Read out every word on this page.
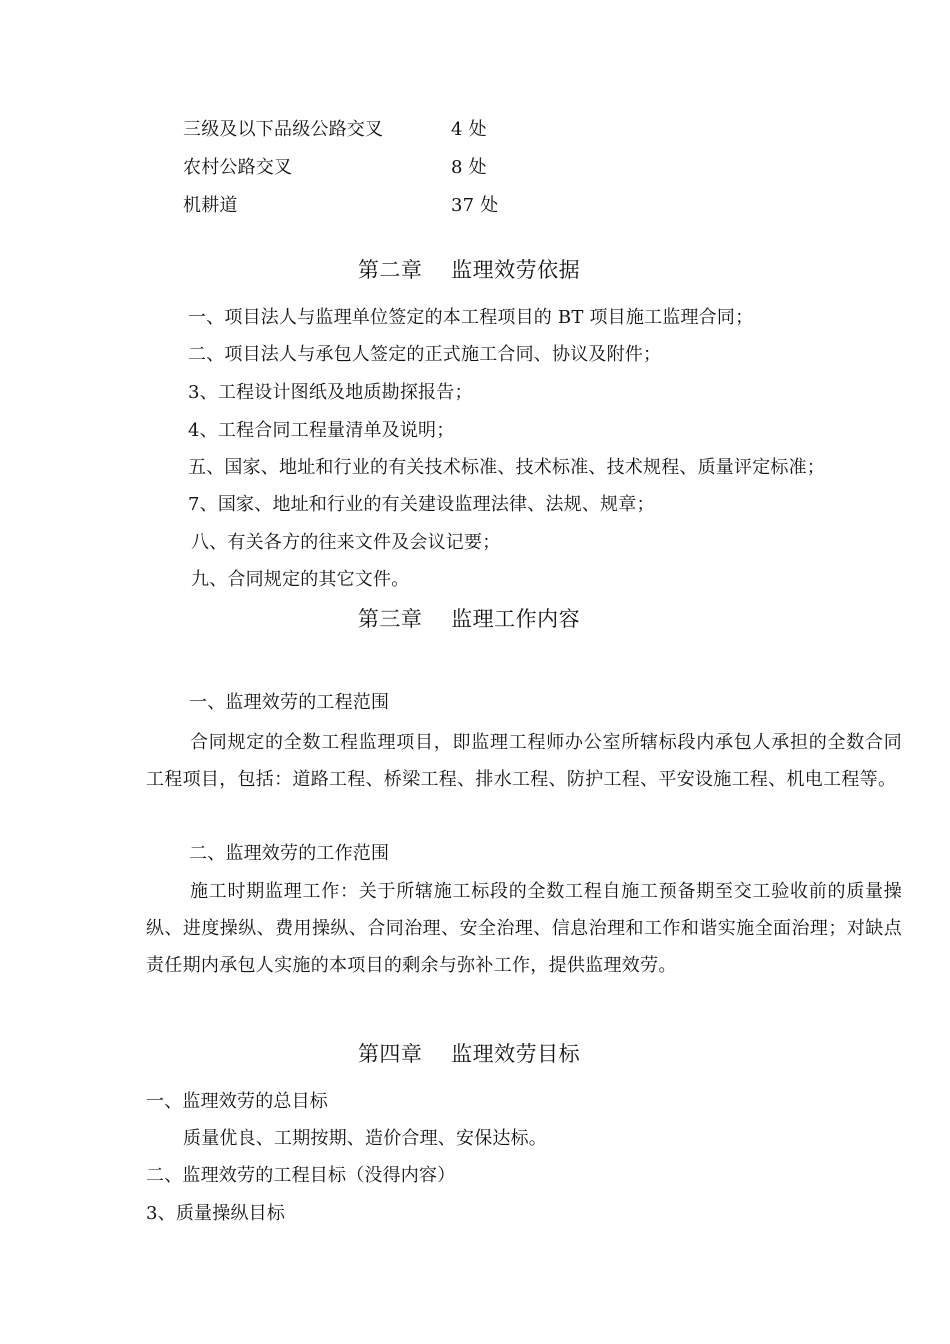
三级及以下品级公路交叉	4 处
农村公路交叉	8 处
机耕道	37 处
第二章    监理效劳依据
一、项目法人与监理单位签定的本工程项目的 BT 项目施工监理合同；
二、项目法人与承包人签定的正式施工合同、协议及附件；
3、工程设计图纸及地质勘探报告；
4、工程合同工程量清单及说明；
五、国家、地址和行业的有关技术标准、技术标准、技术规程、质量评定标准；
7、国家、地址和行业的有关建设监理法律、法规、规章；
八、有关各方的往来文件及会议记要；
九、合同规定的其它文件。
第三章    监理工作内容
一、监理效劳的工程范围
合同规定的全数工程监理项目，即监理工程师办公室所辖标段内承包人承担的全数合同工程项目，包括：道路工程、桥梁工程、排水工程、防护工程、平安设施工程、机电工程等。
二、监理效劳的工作范围
施工时期监理工作：关于所辖施工标段的全数工程自施工预备期至交工验收前的质量操纵、进度操纵、费用操纵、合同治理、安全治理、信息治理和工作和谐实施全面治理；对缺点责任期内承包人实施的本项目的剩余与弥补工作，提供监理效劳。
第四章    监理效劳目标
一、监理效劳的总目标
质量优良、工期按期、造价合理、安保达标。
二、监理效劳的工程目标（没得内容）
3、质量操纵目标
